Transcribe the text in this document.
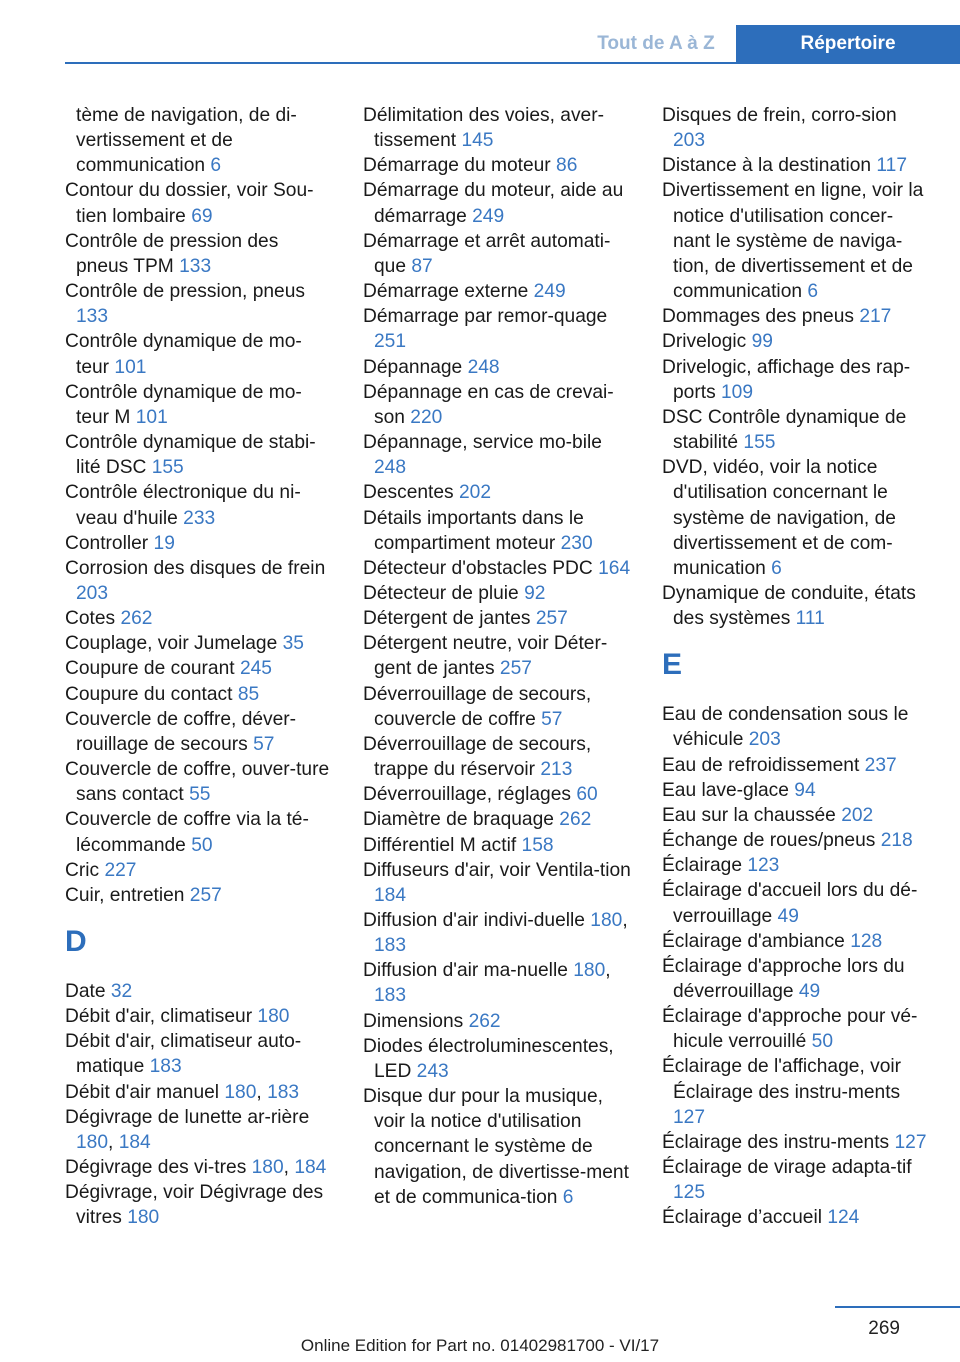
Tout de A à Z	Répertoire
tème de navigation, de di-vertissement et de communication 6
Contour du dossier, voir Sou-tien lombaire 69
Contrôle de pression des pneus TPM 133
Contrôle de pression, pneus 133
Contrôle dynamique de mo-teur 101
Contrôle dynamique de mo-teur M 101
Contrôle dynamique de stabi-lité DSC 155
Contrôle électronique du ni-veau d'huile 233
Controller 19
Corrosion des disques de frein 203
Cotes 262
Couplage, voir Jumelage 35
Coupure de courant 245
Coupure du contact 85
Couvercle de coffre, déver-rouillage de secours 57
Couvercle de coffre, ouver-ture sans contact 55
Couvercle de coffre via la té-lécommande 50
Cric 227
Cuir, entretien 257
D
Date 32
Débit d'air, climatiseur 180
Débit d'air, climatiseur auto-matique 183
Débit d'air manuel 180, 183
Dégivrage de lunette ar-rière 180, 184
Dégivrage des vi-tres 180, 184
Dégivrage, voir Dégivrage des vitres 180
Délimitation des voies, aver-tissement 145
Démarrage du moteur 86
Démarrage du moteur, aide au démarrage 249
Démarrage et arrêt automati-que 87
Démarrage externe 249
Démarrage par remor-quage 251
Dépannage 248
Dépannage en cas de crevai-son 220
Dépannage, service mo-bile 248
Descentes 202
Détails importants dans le compartiment moteur 230
Détecteur d'obstacles PDC 164
Détecteur de pluie 92
Détergent de jantes 257
Détergent neutre, voir Déter-gent de jantes 257
Déverrouillage de secours, couvercle de coffre 57
Déverrouillage de secours, trappe du réservoir 213
Déverrouillage, réglages 60
Diamètre de braquage 262
Différentiel M actif 158
Diffuseurs d'air, voir Ventila-tion 184
Diffusion d'air indivi-duelle 180, 183
Diffusion d'air ma-nuelle 180, 183
Dimensions 262
Diodes électroluminescentes, LED 243
Disque dur pour la musique, voir la notice d'utilisation concernant le système de navigation, de divertisse-ment et de communica-tion 6
Disques de frein, corro-sion 203
Distance à la destination 117
Divertissement en ligne, voir la notice d'utilisation concer-nant le système de naviga-tion, de divertissement et de communication 6
Dommages des pneus 217
Drivelogic 99
Drivelogic, affichage des rap-ports 109
DSC Contrôle dynamique de stabilité 155
DVD, vidéo, voir la notice d'utilisation concernant le système de navigation, de divertissement et de com-munication 6
Dynamique de conduite, états des systèmes 111
E
Eau de condensation sous le véhicule 203
Eau de refroidissement 237
Eau lave-glace 94
Eau sur la chaussée 202
Échange de roues/pneus 218
Éclairage 123
Éclairage d'accueil lors du dé-verrouillage 49
Éclairage d'ambiance 128
Éclairage d'approche lors du déverrouillage 49
Éclairage d'approche pour vé-hicule verrouillé 50
Éclairage de l'affichage, voir Éclairage des instru-ments 127
Éclairage des instru-ments 127
Éclairage de virage adapta-tif 125
Éclairage d’accueil 124
269
Online Edition for Part no. 01402981700 - VI/17
